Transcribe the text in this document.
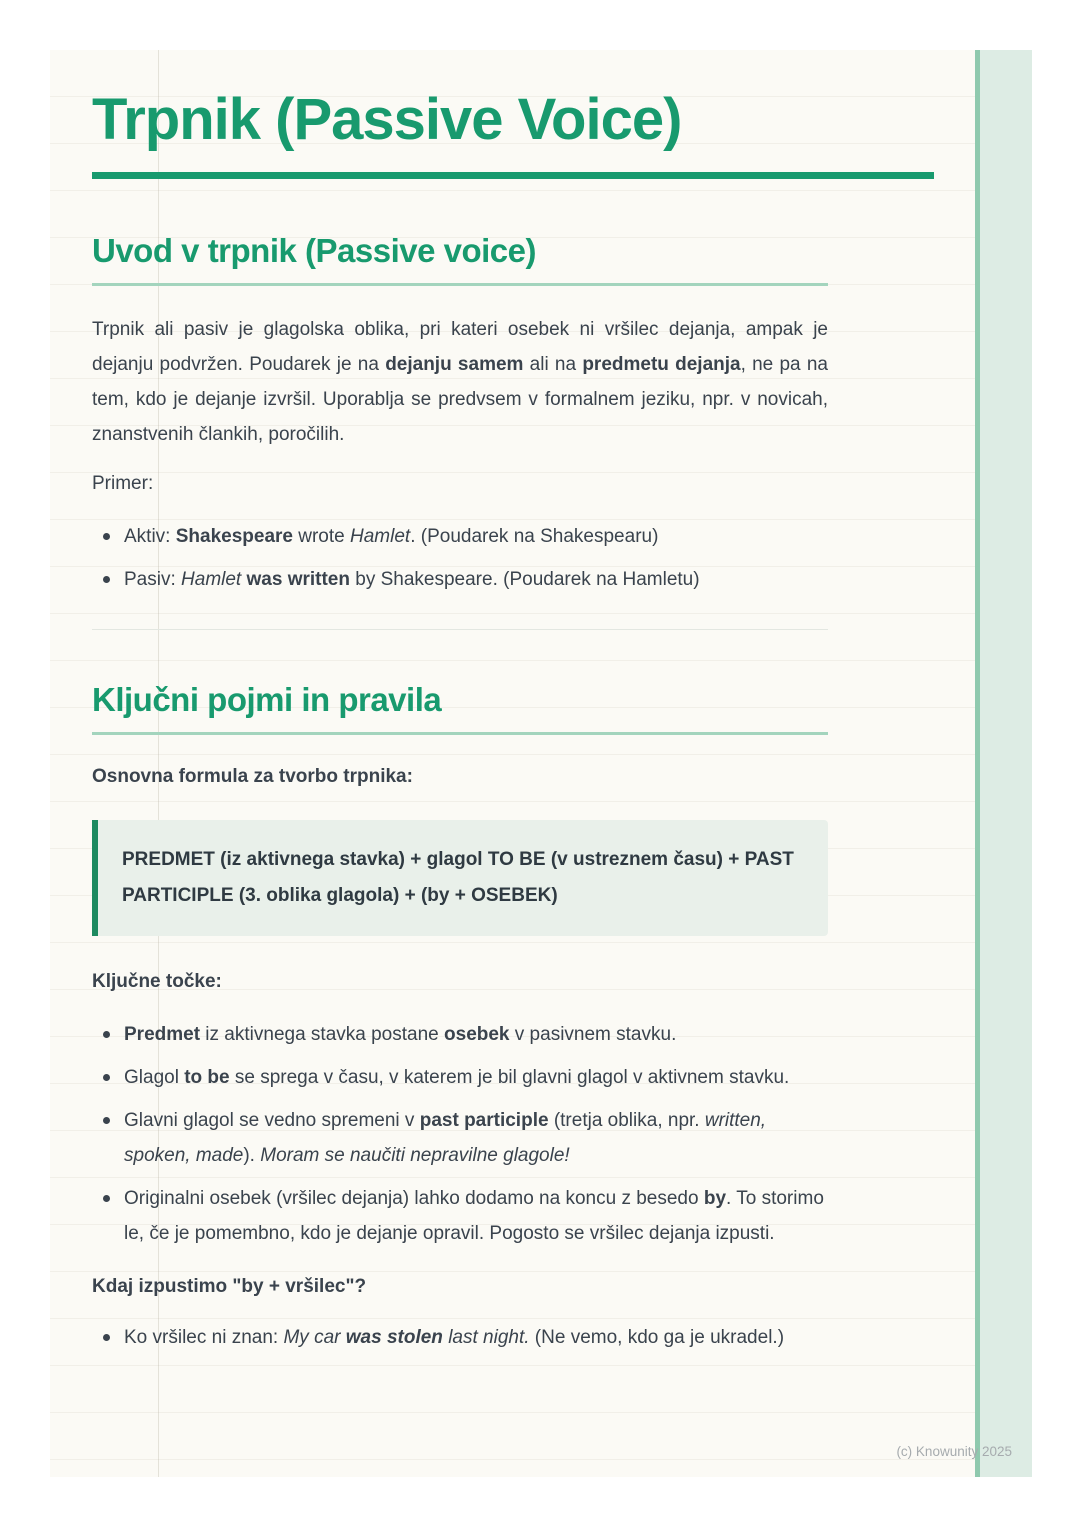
Trpnik (Passive Voice)
Uvod v trpnik (Passive voice)

Trpnik ali pasiv je glagolska oblika, pri kateri osebek ni vršilec dejanja, ampak je dejanju podvržen. Poudarek je na dejanju samem ali na predmetu dejanja, ne pa na tem, kdo je dejanje izvršil. Uporablja se predvsem v formalnem jeziku, npr. v novicah, znanstvenih člankih, poročilih.

Primer:

Aktiv: Shakespeare wrote Hamlet. (Poudarek na Shakespearu)
Pasiv: Hamlet was written by Shakespeare. (Poudarek na Hamletu)
Ključni pojmi in pravila

Osnovna formula za tvorbo trpnika:

PREDMET (iz aktivnega stavka) + glagol TO BE (v ustreznem času) + PAST PARTICIPLE (3. oblika glagola) + (by + OSEBEK)

Ključne točke:

Predmet iz aktivnega stavka postane osebek v pasivnem stavku.
Glagol to be se sprega v času, v katerem je bil glavni glagol v aktivnem stavku.
Glavni glagol se vedno spremeni v past participle (tretja oblika, npr. written, spoken, made). Moram se naučiti nepravilne glagole!
Originalni osebek (vršilec dejanja) lahko dodamo na koncu z besedo by. To storimo le, če je pomembno, kdo je dejanje opravil. Pogosto se vršilec dejanja izpusti.

Kdaj izpustimo "by + vršilec"?

Ko vršilec ni znan: My car was stolen last night. (Ne vemo, kdo ga je ukradel.)
(c) Knowunity 2025
